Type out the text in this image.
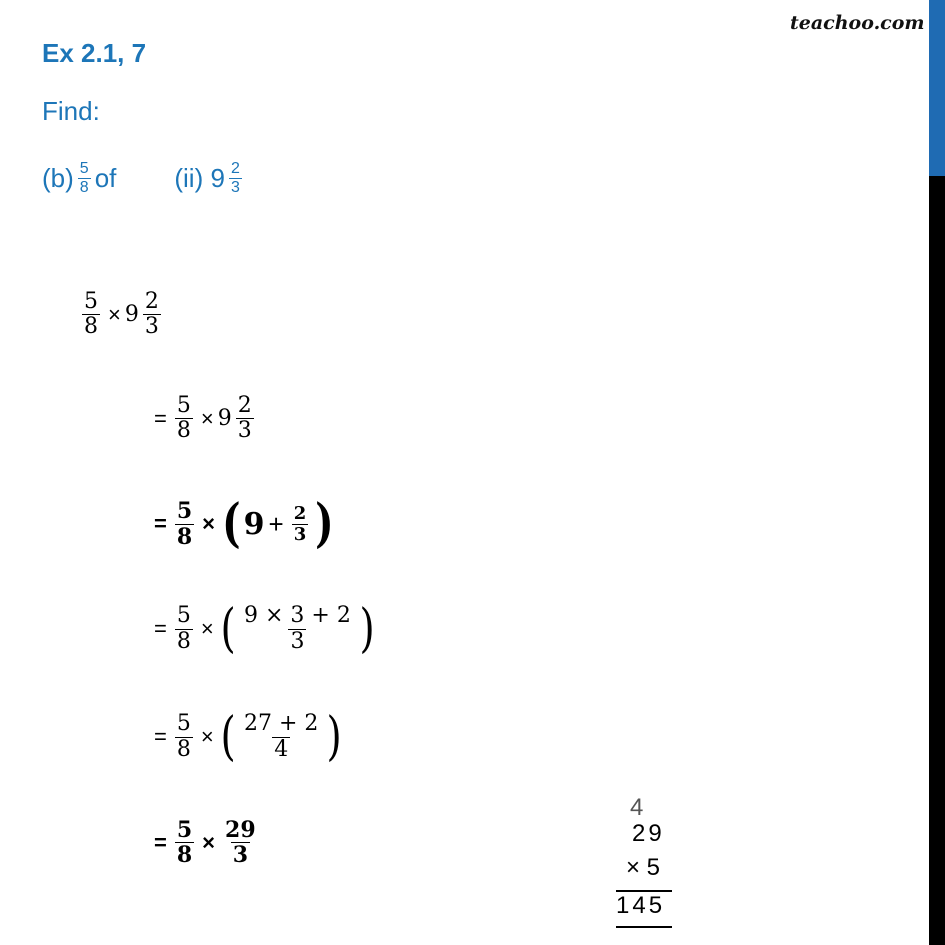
teachoo.com
Ex 2.1, 7
Find:
$(b) \frac{5}{8}$ of (ii) $9 \frac{2}{3}$
$\frac{5}{8} \times 9 \frac{2}{3}$
= $\frac{5}{8} \times 9 \frac{2}{3}$
= $\frac{5}{8}$ × ( $9 + \frac{2}{3}$ )
= $\frac{5}{8}$ × ( $\frac{9 \times 3 + 2}{3}$ )
= $\frac{5}{8}$ × ( $\frac{27 + 2}{4}$ )
= $\frac{5}{8} \times \frac{29}{3}$
4
29
× 5
145
